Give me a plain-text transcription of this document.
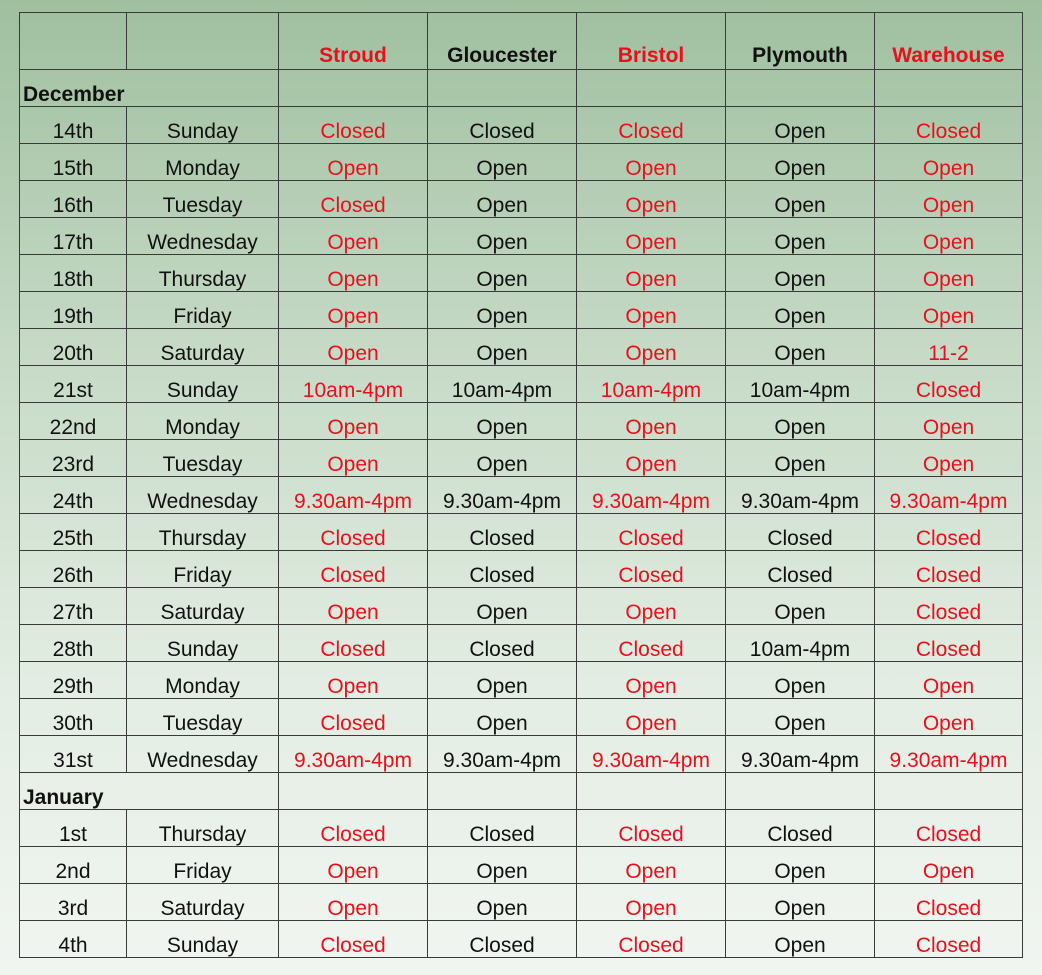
		Stroud	Gloucester	Bristol	Plymouth	Warehouse
December						
14th	Sunday	Closed	Closed	Closed	Open	Closed
15th	Monday	Open	Open	Open	Open	Open
16th	Tuesday	Closed	Open	Open	Open	Open
17th	Wednesday	Open	Open	Open	Open	Open
18th	Thursday	Open	Open	Open	Open	Open
19th	Friday	Open	Open	Open	Open	Open
20th	Saturday	Open	Open	Open	Open	11-2
21st	Sunday	10am-4pm	10am-4pm	10am-4pm	10am-4pm	Closed
22nd	Monday	Open	Open	Open	Open	Open
23rd	Tuesday	Open	Open	Open	Open	Open
24th	Wednesday	9.30am-4pm	9.30am-4pm	9.30am-4pm	9.30am-4pm	9.30am-4pm
25th	Thursday	Closed	Closed	Closed	Closed	Closed
26th	Friday	Closed	Closed	Closed	Closed	Closed
27th	Saturday	Open	Open	Open	Open	Closed
28th	Sunday	Closed	Closed	Closed	10am-4pm	Closed
29th	Monday	Open	Open	Open	Open	Open
30th	Tuesday	Closed	Open	Open	Open	Open
31st	Wednesday	9.30am-4pm	9.30am-4pm	9.30am-4pm	9.30am-4pm	9.30am-4pm
January						
1st	Thursday	Closed	Closed	Closed	Closed	Closed
2nd	Friday	Open	Open	Open	Open	Open
3rd	Saturday	Open	Open	Open	Open	Closed
4th	Sunday	Closed	Closed	Closed	Open	Closed
